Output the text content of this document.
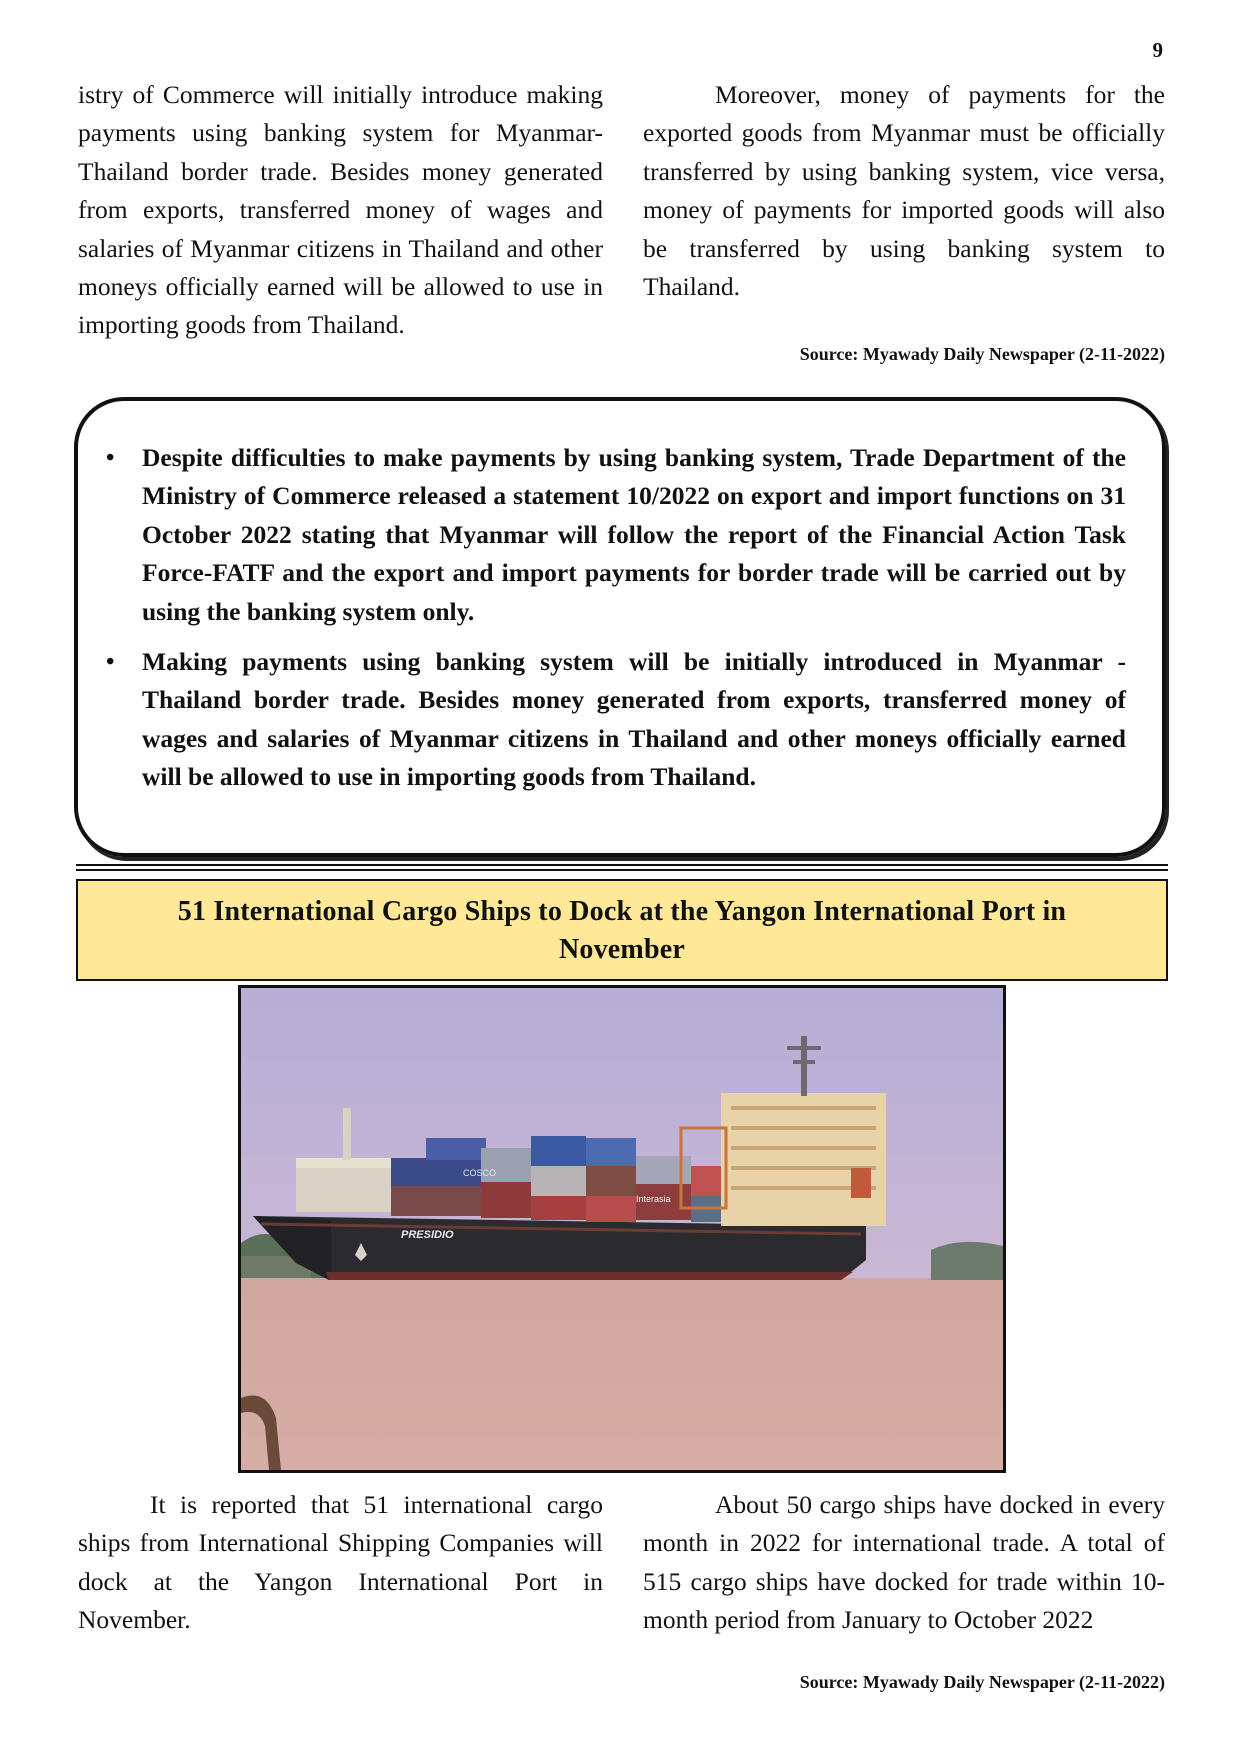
9

istry of Commerce will initially introduce making payments using banking system for Myanmar-Thailand border trade. Besides money generated from exports, transferred money of wages and salaries of Myanmar citizens in Thailand and other moneys officially earned will be allowed to use in importing goods from Thailand.

Moreover, money of payments for the exported goods from Myanmar must be officially transferred by using banking system, vice versa, money of payments for imported goods will also be transferred by using banking system to Thailand.

Source: Myawady Daily Newspaper (2-11-2022)
• Despite difficulties to make payments by using banking system, Trade Department of the Ministry of Commerce released a statement 10/2022 on export and import functions on 31 October 2022 stating that Myanmar will follow the report of the Financial Action Task Force-FATF and the export and import payments for border trade will be carried out by using the banking system only.
• Making payments using banking system will be initially introduced in Myanmar -Thailand border trade. Besides money generated from exports, transferred money of wages and salaries of Myanmar citizens in Thailand and other moneys officially earned will be allowed to use in importing goods from Thailand.
51 International Cargo Ships to Dock at the Yangon International Port in November
COSCO
Interasia
PRESIDIO

It is reported that 51 international cargo ships from International Shipping Companies will dock at the Yangon International Port in November.

About 50 cargo ships have docked in every month in 2022 for international trade. A total of 515 cargo ships have docked for trade within 10-month period from January to October 2022

Source: Myawady Daily Newspaper (2-11-2022)
